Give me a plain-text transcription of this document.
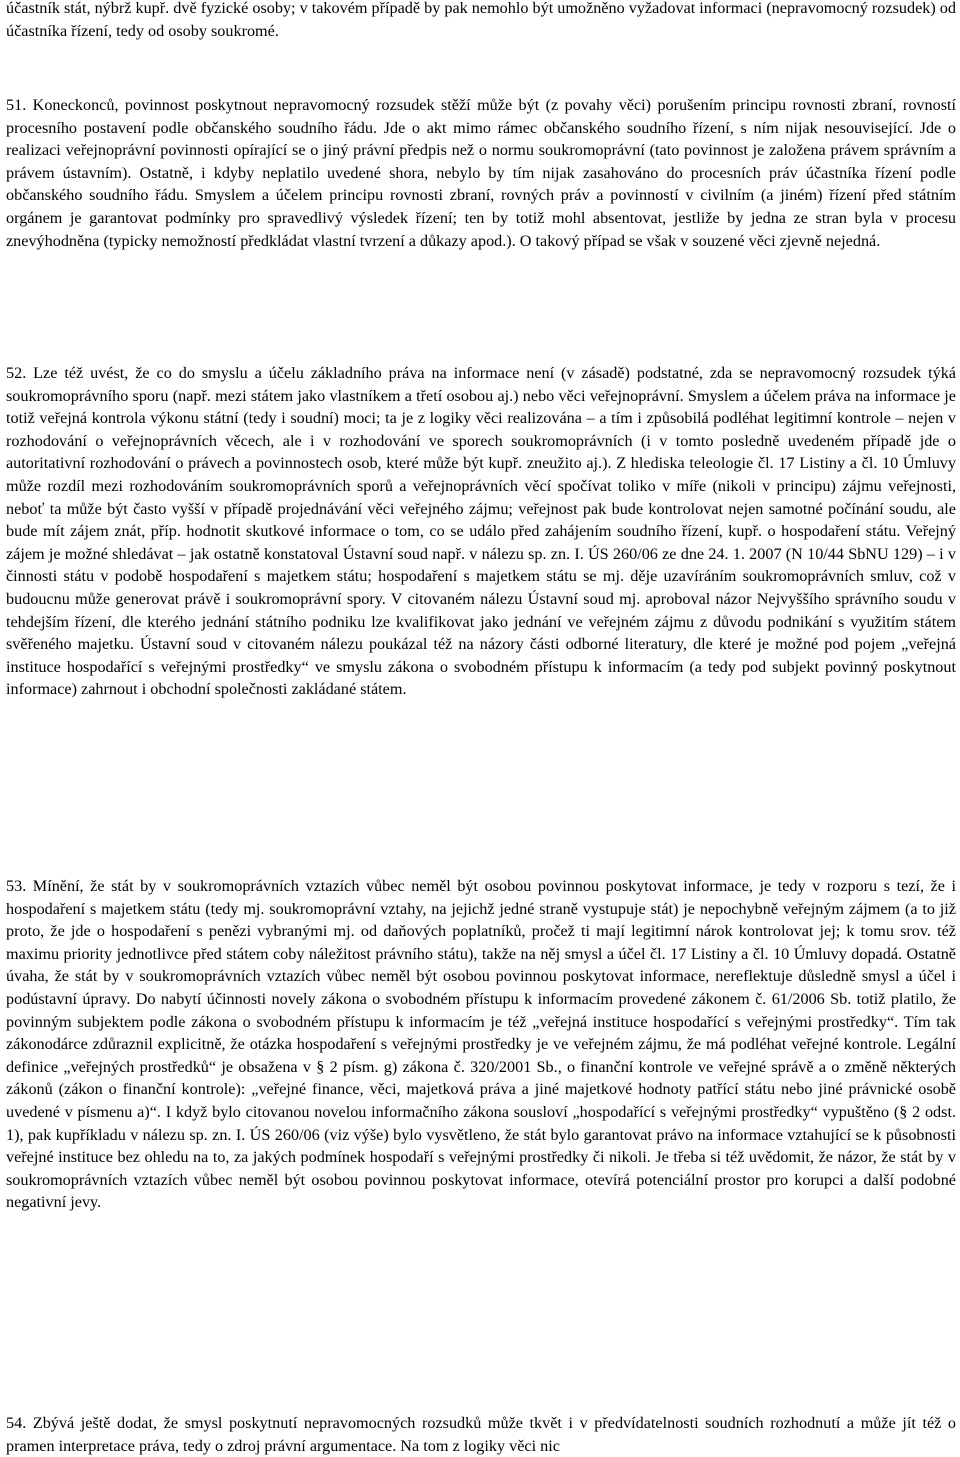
účastník stát, nýbrž kupř. dvě fyzické osoby; v takovém případě by pak nemohlo být umožněno vyžadovat informaci (nepravomocný rozsudek) od účastníka řízení, tedy od osoby soukromé.

51. Koneckonců, povinnost poskytnout nepravomocný rozsudek stěží může být (z povahy věci) porušením principu rovnosti zbraní, rovností procesního postavení podle občanského soudního řádu. Jde o akt mimo rámec občanského soudního řízení, s ním nijak nesouvisející. Jde o realizaci veřejnoprávní povinnosti opírající se o jiný právní předpis než o normu soukromoprávní (tato povinnost je založena právem správním a právem ústavním). Ostatně, i kdyby neplatilo uvedené shora, nebylo by tím nijak zasahováno do procesních práv účastníka řízení podle občanského soudního řádu. Smyslem a účelem principu rovnosti zbraní, rovných práv a povinností v civilním (a jiném) řízení před státním orgánem je garantovat podmínky pro spravedlivý výsledek řízení; ten by totiž mohl absentovat, jestliže by jedna ze stran byla v procesu znevýhodněna (typicky nemožností předkládat vlastní tvrzení a důkazy apod.). O takový případ se však v souzené věci zjevně nejedná.

52. Lze též uvést, že co do smyslu a účelu základního práva na informace není (v zásadě) podstatné, zda se nepravomocný rozsudek týká soukromoprávního sporu (např. mezi státem jako vlastníkem a třetí osobou aj.) nebo věci veřejnoprávní. Smyslem a účelem práva na informace je totiž veřejná kontrola výkonu státní (tedy i soudní) moci; ta je z logiky věci realizována – a tím i způsobilá podléhat legitimní kontrole – nejen v rozhodování o veřejnoprávních věcech, ale i v rozhodování ve sporech soukromoprávních (i v tomto posledně uvedeném případě jde o autoritativní rozhodování o právech a povinnostech osob, které může být kupř. zneužito aj.). Z hlediska teleologie čl. 17 Listiny a čl. 10 Úmluvy může rozdíl mezi rozhodováním soukromoprávních sporů a veřejnoprávních věcí spočívat toliko v míře (nikoli v principu) zájmu veřejnosti, neboť ta může být často vyšší v případě projednávání věci veřejného zájmu; veřejnost pak bude kontrolovat nejen samotné počínání soudu, ale bude mít zájem znát, příp. hodnotit skutkové informace o tom, co se událo před zahájením soudního řízení, kupř. o hospodaření státu. Veřejný zájem je možné shledávat – jak ostatně konstatoval Ústavní soud např. v nálezu sp. zn. I. ÚS 260/06 ze dne 24. 1. 2007 (N 10/44 SbNU 129) – i v činnosti státu v podobě hospodaření s majetkem státu; hospodaření s majetkem státu se mj. děje uzavíráním soukromoprávních smluv, což v budoucnu může generovat právě i soukromoprávní spory. V citovaném nálezu Ústavní soud mj. aproboval názor Nejvyššího správního soudu v tehdejším řízení, dle kterého jednání státního podniku lze kvalifikovat jako jednání ve veřejném zájmu z důvodu podnikání s využitím státem svěřeného majetku. Ústavní soud v citovaném nálezu poukázal též na názory části odborné literatury, dle které je možné pod pojem „veřejná instituce hospodařící s veřejnými prostředky“ ve smyslu zákona o svobodném přístupu k informacím (a tedy pod subjekt povinný poskytnout informace) zahrnout i obchodní společnosti zakládané státem.

53. Mínění, že stát by v soukromoprávních vztazích vůbec neměl být osobou povinnou poskytovat informace, je tedy v rozporu s tezí, že i hospodaření s majetkem státu (tedy mj. soukromoprávní vztahy, na jejichž jedné straně vystupuje stát) je nepochybně veřejným zájmem (a to již proto, že jde o hospodaření s penězi vybranými mj. od daňových poplatníků, pročež ti mají legitimní nárok kontrolovat jej; k tomu srov. též maximu priority jednotlivce před státem coby náležitost právního státu), takže na něj smysl a účel čl. 17 Listiny a čl. 10 Úmluvy dopadá. Ostatně úvaha, že stát by v soukromoprávních vztazích vůbec neměl být osobou povinnou poskytovat informace, nereflektuje důsledně smysl a účel i podústavní úpravy. Do nabytí účinnosti novely zákona o svobodném přístupu k informacím provedené zákonem č. 61/2006 Sb. totiž platilo, že povinným subjektem podle zákona o svobodném přístupu k informacím je též „veřejná instituce hospodařící s veřejnými prostředky“. Tím tak zákonodárce zdůraznil explicitně, že otázka hospodaření s veřejnými prostředky je ve veřejném zájmu, že má podléhat veřejné kontrole. Legální definice „veřejných prostředků“ je obsažena v § 2 písm. g) zákona č. 320/2001 Sb., o finanční kontrole ve veřejné správě a o změně některých zákonů (zákon o finanční kontrole): „veřejné finance, věci, majetková práva a jiné majetkové hodnoty patřící státu nebo jiné právnické osobě uvedené v písmenu a)“. I když bylo citovanou novelou informačního zákona sousloví „hospodařící s veřejnými prostředky“ vypuštěno (§ 2 odst. 1), pak kupříkladu v nálezu sp. zn. I. ÚS 260/06 (viz výše) bylo vysvětleno, že stát bylo garantovat právo na informace vztahující se k působnosti veřejné instituce bez ohledu na to, za jakých podmínek hospodaří s veřejnými prostředky či nikoli. Je třeba si též uvědomit, že názor, že stát by v soukromoprávních vztazích vůbec neměl být osobou povinnou poskytovat informace, otevírá potenciální prostor pro korupci a další podobné negativní jevy.

54. Zbývá ještě dodat, že smysl poskytnutí nepravomocných rozsudků může tkvět i v předvídatelnosti soudních rozhodnutí a může jít též o pramen interpretace práva, tedy o zdroj právní argumentace. Na tom z logiky věci nic
